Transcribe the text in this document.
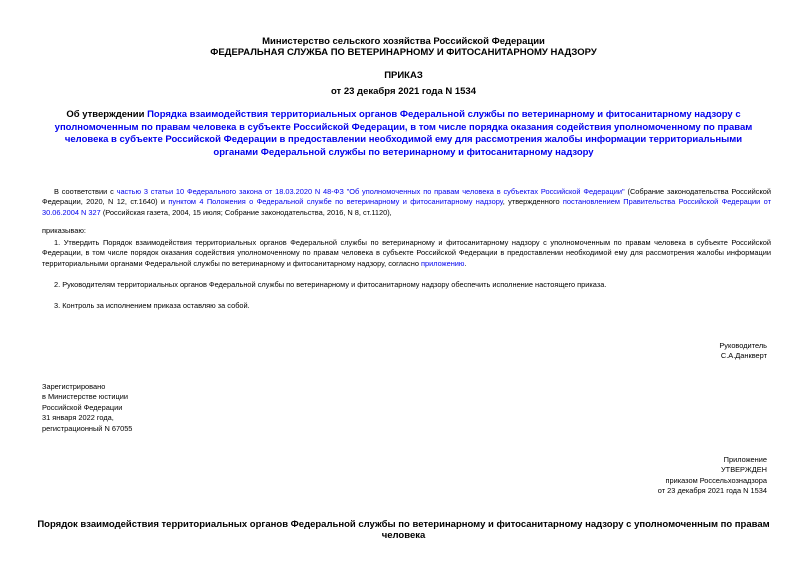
Министерство сельского хозяйства Российской Федерации
ФЕДЕРАЛЬНАЯ СЛУЖБА ПО ВЕТЕРИНАРНОМУ И ФИТОСАНИТАРНОМУ НАДЗОРУ
ПРИКАЗ
от 23 декабря 2021 года N 1534
Об утверждении Порядка взаимодействия территориальных органов Федеральной службы по ветеринарному и фитосанитарному надзору с уполномоченным по правам человека в субъекте Российской Федерации, в том числе порядка оказания содействия уполномоченному по правам человека в субъекте Российской Федерации в предоставлении необходимой ему для рассмотрения жалобы информации территориальными органами Федеральной службы по ветеринарному и фитосанитарному надзору
В соответствии с частью 3 статьи 10 Федерального закона от 18.03.2020 N 48-ФЗ "Об уполномоченных по правам человека в субъектах Российской Федерации" (Собрание законодательства Российской Федерации, 2020, N 12, ст.1640) и пунктом 4 Положения о Федеральной службе по ветеринарному и фитосанитарному надзору, утвержденного постановлением Правительства Российской Федерации от 30.06.2004 N 327 (Российская газета, 2004, 15 июля; Собрание законодательства, 2016, N 8, ст.1120),
приказываю:
1. Утвердить Порядок взаимодействия территориальных органов Федеральной службы по ветеринарному и фитосанитарному надзору с уполномоченным по правам человека в субъекте Российской Федерации, в том числе порядок оказания содействия уполномоченному по правам человека в субъекте Российской Федерации в предоставлении необходимой ему для рассмотрения жалобы информации территориальными органами Федеральной службы по ветеринарному и фитосанитарному надзору, согласно приложению.
2. Руководителям территориальных органов Федеральной службы по ветеринарному и фитосанитарному надзору обеспечить исполнение настоящего приказа.
3. Контроль за исполнением приказа оставляю за собой.
Руководитель
С.А.Данкверт
Зарегистрировано
в Министерстве юстиции
Российской Федерации
31 января 2022 года,
регистрационный N 67055
Приложение
УТВЕРЖДЕН
приказом Россельхознадзора
от 23 декабря 2021 года N 1534
Порядок взаимодействия территориальных органов Федеральной службы по ветеринарному и фитосанитарному надзору с уполномоченным по правам человека
